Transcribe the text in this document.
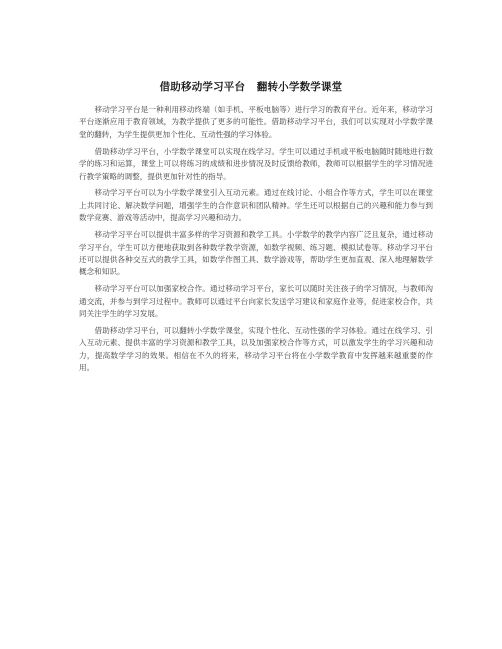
借助移动学习平台   翻转小学数学课堂

移动学习平台是一种利用移动终端（如手机、平板电脑等）进行学习的教育平台。近年来，移动学习平台逐渐应用于教育领域，为教学提供了更多的可能性。借助移动学习平台，我们可以实现对小学数学课堂的翻转，为学生提供更加个性化、互动性强的学习体验。

借助移动学习平台，小学数学课堂可以实现在线学习。学生可以通过手机或平板电脑随时随地进行数学的练习和运算，课堂上可以将练习的成绩和进步情况及时反馈给教师，教师可以根据学生的学习情况进行教学策略的调整，提供更加针对性的指导。

移动学习平台可以为小学数学课堂引入互动元素。通过在线讨论、小组合作等方式，学生可以在课堂上共同讨论、解决数学问题，增强学生的合作意识和团队精神。学生还可以根据自己的兴趣和能力参与到数学竞赛、游戏等活动中，提高学习兴趣和动力。

移动学习平台可以提供丰富多样的学习资源和教学工具。小学数学的教学内容广泛且复杂，通过移动学习平台，学生可以方便地获取到各种数学教学资源，如数学视频、练习题、模拟试卷等。移动学习平台还可以提供各种交互式的教学工具，如数学作图工具、数学游戏等，帮助学生更加直观、深入地理解数学概念和知识。

移动学习平台可以加强家校合作。通过移动学习平台，家长可以随时关注孩子的学习情况，与教师沟通交流，并参与到学习过程中。教师可以通过平台向家长发送学习建议和家庭作业等，促进家校合作，共同关注学生的学习发展。

借助移动学习平台，可以翻转小学数学课堂，实现个性化、互动性强的学习体验。通过在线学习、引入互动元素、提供丰富的学习资源和教学工具，以及加强家校合作等方式，可以激发学生的学习兴趣和动力，提高数学学习的效果。相信在不久的将来，移动学习平台将在小学数学教育中发挥越来越重要的作用。
